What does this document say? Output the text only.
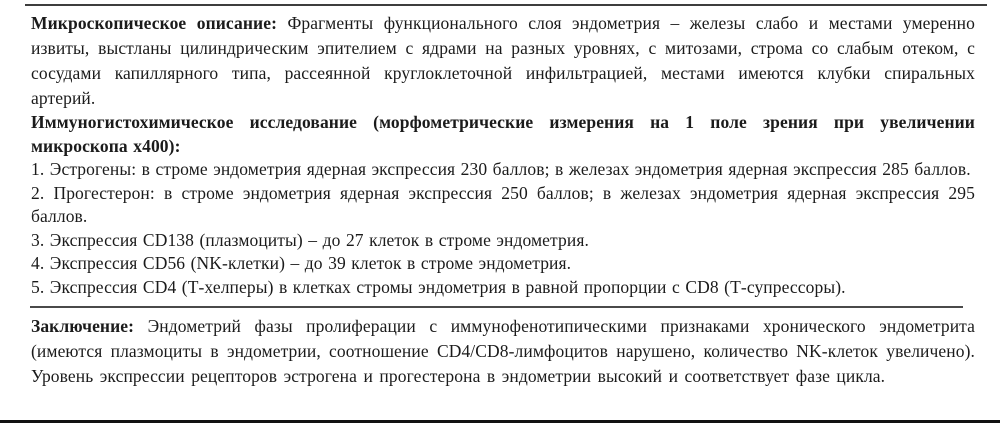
Микроскопическое описание: Фрагменты функционального слоя эндометрия – железы слабо и местами умеренно извиты, выстланы цилиндрическим эпителием с ядрами на разных уровнях, с митозами, строма со слабым отеком, с сосудами капиллярного типа, рассеянной круглоклеточной инфильтрацией, местами имеются клубки спиральных артерий.

Иммуногистохимическое исследование (морфометрические измерения на 1 поле зрения при увеличении микроскопа х400):

1. Эстрогены: в строме эндометрия ядерная экспрессия 230 баллов; в железах эндометрия ядерная экспрессия 285 баллов.

2. Прогестерон: в строме эндометрия ядерная экспрессия 250 баллов; в железах эндометрия ядерная экспрессия 295 баллов.

3. Экспрессия CD138 (плазмоциты) – до 27 клеток в строме эндометрия.

4. Экспрессия CD56 (NK-клетки) – до 39 клеток в строме эндометрия.

5. Экспрессия CD4 (Т-хелперы) в клетках стромы эндометрия в равной пропорции с CD8 (Т-супрессоры).

Заключение: Эндометрий фазы пролиферации с иммунофенотипическими признаками хронического эндометрита (имеются плазмоциты в эндометрии, соотношение CD4/CD8-лимфоцитов нарушено, количество NK-клеток увеличено). Уровень экспрессии рецепторов эстрогена и прогестерона в эндометрии высокий и соответствует фазе цикла.
